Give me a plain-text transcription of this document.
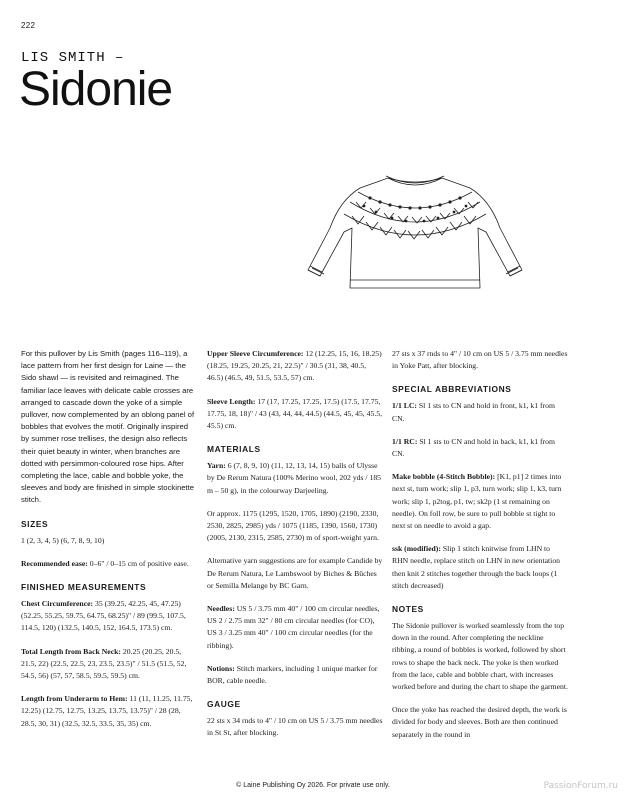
222
LIS SMITH –
Sidonie

For this pullover by Lis Smith (pages 116–119), a lace pattern from her first design for Laine — the Sido shawl — is revisited and reimagined. The familiar lace leaves with delicate cable crosses are arranged to cascade down the yoke of a simple pullover, now complemented by an oblong panel of bobbles that evolves the motif. Originally inspired by summer rose trellises, the design also reflects their quiet beauty in winter, when branches are dotted with persimmon-coloured rose hips. After completing the lace, cable and bobble yoke, the sleeves and body are finished in simple stockinette stitch.

SIZES

1 (2, 3, 4, 5) (6, 7, 8, 9, 10)

Recommended ease: 0–6" / 0–15 cm of positive ease.

FINISHED MEASUREMENTS

Chest Circumference: 35 (39.25, 42.25, 45, 47.25) (52.25, 55.25, 59.75, 64.75, 68.25)" / 89 (99.5, 107.5, 114.5, 120) (132.5, 140.5, 152, 164.5, 173.5) cm.

Total Length from Back Neck: 20.25 (20.25, 20.5, 21.5, 22) (22.5, 22.5, 23, 23.5, 23.5)" / 51.5 (51.5, 52, 54.5, 56) (57, 57, 58.5, 59.5, 59.5) cm.

Length from Underarm to Hem: 11 (11, 11.25, 11.75, 12.25) (12.75, 12.75, 13.25, 13.75, 13.75)" / 28 (28, 28.5, 30, 31) (32.5, 32.5, 33.5, 35, 35) cm.

Upper Sleeve Circumference: 12 (12.25, 15, 16, 18.25) (18.25, 19.25, 20.25, 21, 22.5)" / 30.5 (31, 38, 40.5, 46.5) (46.5, 49, 51.5, 53.5, 57) cm.

Sleeve Length: 17 (17, 17.25, 17.25, 17.5) (17.5, 17.75, 17.75, 18, 18)" / 43 (43, 44, 44, 44.5) (44.5, 45, 45, 45.5, 45.5) cm.

MATERIALS

Yarn: 6 (7, 8, 9, 10) (11, 12, 13, 14, 15) balls of Ulysse by De Rerum Natura (100% Merino wool, 202 yds / 185 m – 50 g), in the colourway Darjeeling.

Or approx. 1175 (1295, 1520, 1705, 1890) (2190, 2330, 2530, 2825, 2985) yds / 1075 (1185, 1390, 1560, 1730) (2005, 2130, 2315, 2585, 2730) m of sport-weight yarn.

Alternative yarn suggestions are for example Candide by De Rerum Natura, Le Lambswool by Biches & Bûches or Semilla Melange by BC Garn.

Needles: US 5 / 3.75 mm 40" / 100 cm circular needles, US 2 / 2.75 mm 32" / 80 cm circular needles (for CO), US 3 / 3.25 mm 40" / 100 cm circular needles (for the ribbing).

Notions: Stitch markers, including 1 unique marker for BOR, cable needle.

GAUGE

22 sts x 34 rnds to 4" / 10 cm on US 5 / 3.75 mm needles in St St, after blocking.

27 sts x 37 rnds to 4" / 10 cm on US 5 / 3.75 mm needles in Yoke Patt, after blocking.

SPECIAL ABBREVIATIONS

1/1 LC: Sl 1 sts to CN and hold in front, k1, k1 from CN.

1/1 RC: Sl 1 sts to CN and hold in back, k1, k1 from CN.

Make bobble (4-Stitch Bobble): [K1, p1] 2 times into next st, turn work; slip 1, p3, turn work; slip 1, k3, turn work; slip 1, p2tog, p1, tw; sk2p (1 st remaining on needle). On foll row, be sure to pull bobble st tight to next st on needle to avoid a gap.

ssk (modified): Slip 1 stitch knitwise from LHN to RHN needle, replace stitch on LHN in new orientation then knit 2 stitches together through the back loops (1 stitch decreased)

NOTES

The Sidonie pullover is worked seamlessly from the top down in the round. After completing the neckline ribbing, a round of bobbles is worked, followed by short rows to shape the back neck. The yoke is then worked from the lace, cable and bobble chart, with increases worked before and during the chart to shape the garment.

Once the yoke has reached the desired depth, the work is divided for body and sleeves. Both are then continued separately in the round in

© Laine Publishing Oy 2026. For private use only.	PassionForum.ru
